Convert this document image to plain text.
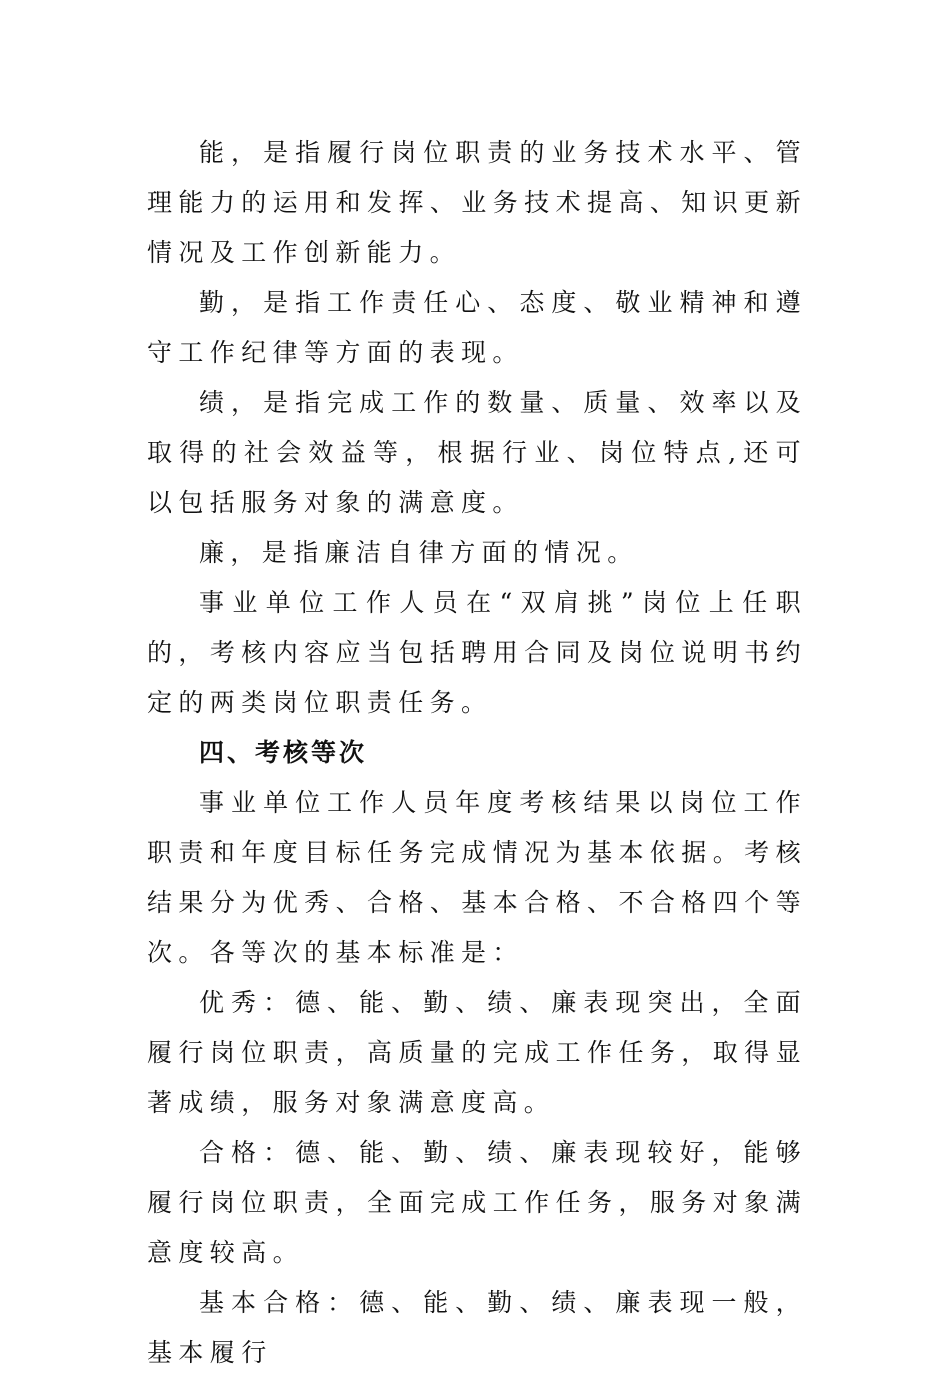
能，是指履行岗位职责的业务技术水平、管理能力的运用和发挥、业务技术提高、知识更新情况及工作创新能力。

勤，是指工作责任心、态度、敬业精神和遵守工作纪律等方面的表现。

绩，是指完成工作的数量、质量、效率以及取得的社会效益等，根据行业、岗位特点,还可以包括服务对象的满意度。

廉，是指廉洁自律方面的情况。

事业单位工作人员在“双肩挑”岗位上任职的，考核内容应当包括聘用合同及岗位说明书约定的两类岗位职责任务。

四、考核等次

事业单位工作人员年度考核结果以岗位工作职责和年度目标任务完成情况为基本依据。考核结果分为优秀、合格、基本合格、不合格四个等次。各等次的基本标准是：

优秀：德、能、勤、绩、廉表现突出，全面履行岗位职责，高质量的完成工作任务，取得显著成绩，服务对象满意度高。

合格：德、能、勤、绩、廉表现较好，能够履行岗位职责，全面完成工作任务，服务对象满意度较高。

基本合格：德、能、勤、绩、廉表现一般，基本履行
